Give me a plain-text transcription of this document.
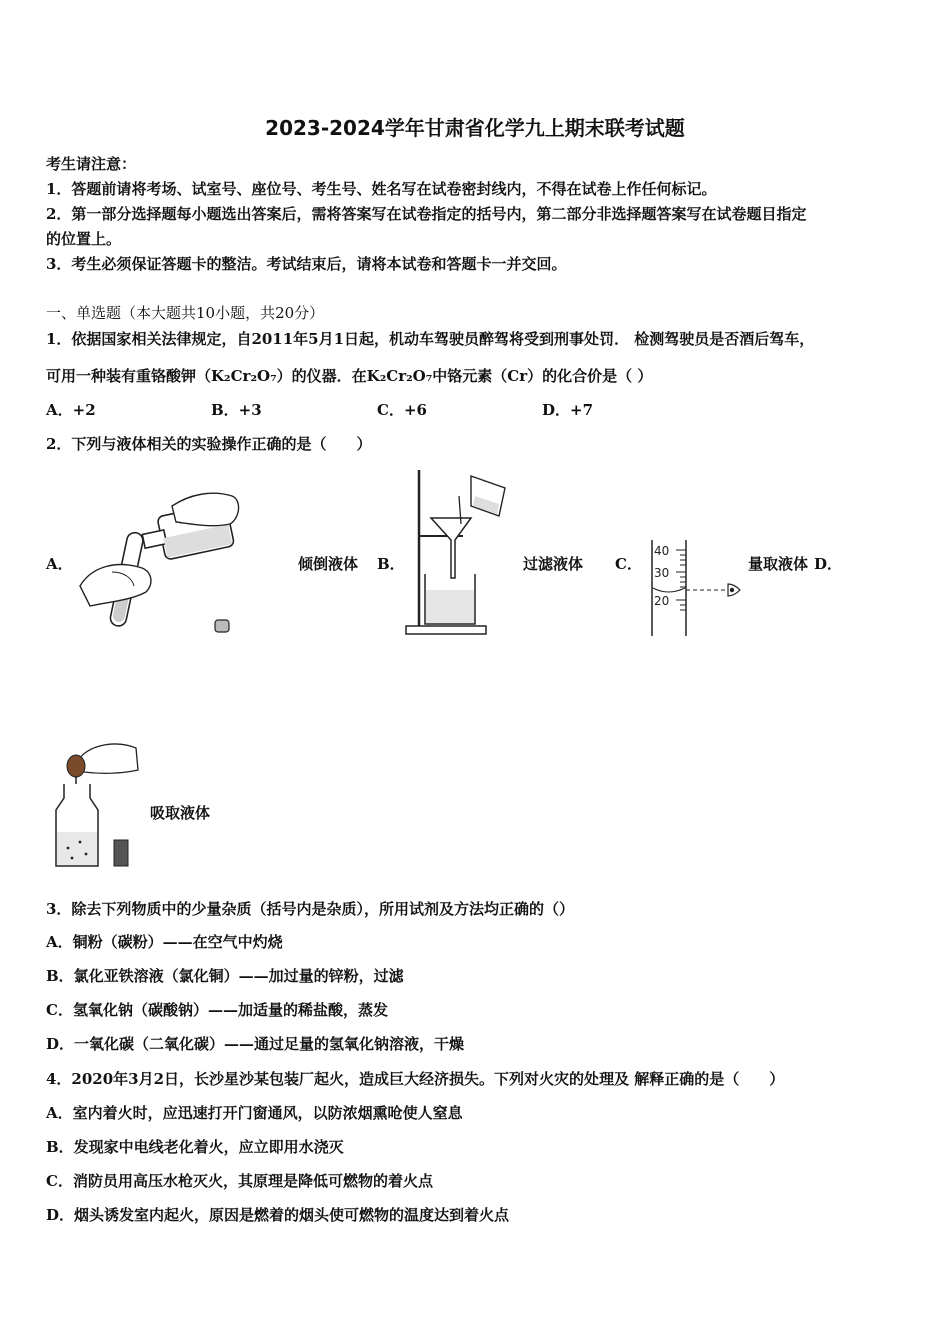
2023-2024学年甘肃省化学九上期末联考试题
考生请注意：
1．答题前请将考场、试室号、座位号、考生号、姓名写在试卷密封线内，不得在试卷上作任何标记。
2．第一部分选择题每小题选出答案后，需将答案写在试卷指定的括号内，第二部分非选择题答案写在试卷题目指定
的位置上。
3．考生必须保证答题卡的整洁。考试结束后，请将本试卷和答题卡一并交回。
一、单选题（本大题共10小题，共20分）
1．依据国家相关法律规定，自2011年5月1日起，机动车驾驶员醉驾将受到刑事处罚． 检测驾驶员是否酒后驾车，
可用一种装有重铬酸钾（K₂Cr₂O₇）的仪器．在K₂Cr₂O₇中铬元素（Cr）的化合价是（ ）
A．+2	B．+3	C．+6	D．+7
2．下列与液体相关的实验操作正确的是（　　）
A．	倾倒液体 B．	过滤液体 C．	量取液体 D．
吸取液体
40
30
20
3．除去下列物质中的少量杂质（括号内是杂质），所用试剂及方法均正确的（）
A．铜粉（碳粉）——在空气中灼烧
B．氯化亚铁溶液（氯化铜）——加过量的锌粉，过滤
C．氢氧化钠（碳酸钠）——加适量的稀盐酸，蒸发
D．一氧化碳（二氧化碳）——通过足量的氢氧化钠溶液，干燥
4．2020年3月2日，长沙星沙某包装厂起火，造成巨大经济损失。下列对火灾的处理及 解释正确的是（　　）
A．室内着火时，应迅速打开门窗通风，以防浓烟熏呛使人窒息
B．发现家中电线老化着火，应立即用水浇灭
C．消防员用高压水枪灭火，其原理是降低可燃物的着火点
D．烟头诱发室内起火，原因是燃着的烟头使可燃物的温度达到着火点
